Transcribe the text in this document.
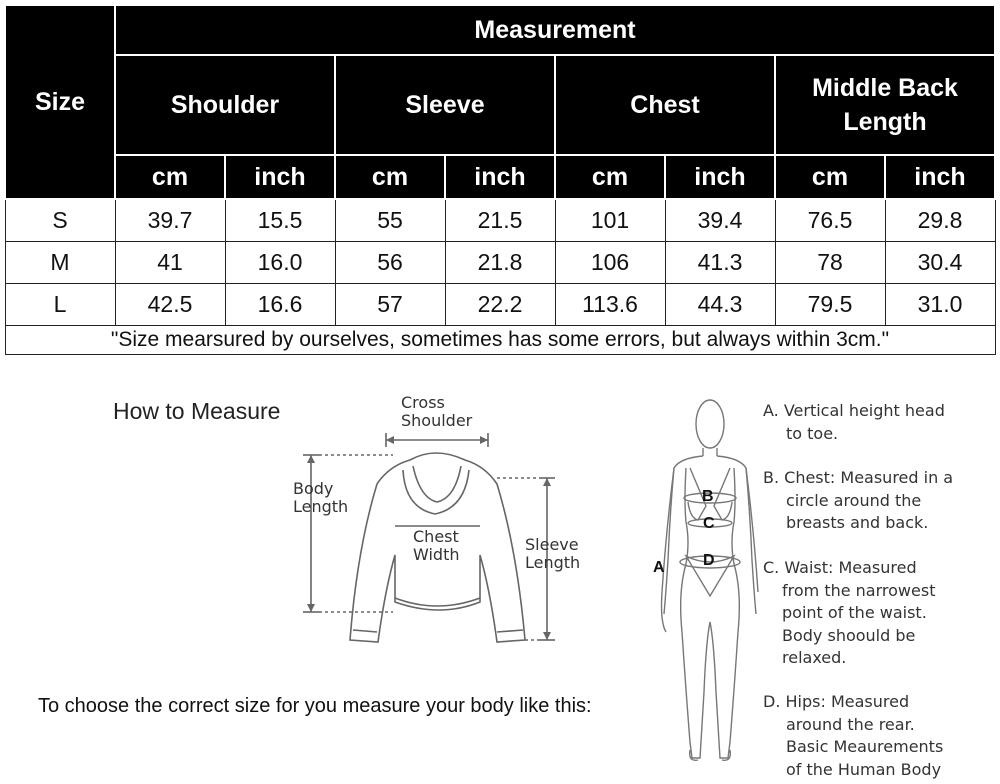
Size	Measurement							
	Shoulder		Sleeve		Chest		Middle Back Length	
	cm	inch	cm	inch	cm	inch	cm	inch
S	39.7	15.5	55	21.5	101	39.4	76.5	29.8
M	41	16.0	56	21.8	106	41.3	78	30.4
L	42.5	16.6	57	22.2	113.6	44.3	79.5	31.0
"Size mearsured by ourselves, sometimes has some errors, but always within 3cm."								
How to Measure
To choose the correct size for you measure your body like this:
Cross
Shoulder
Body
Length
Chest
Width
Sleeve
Length
B
C
D
A
A. Vertical height head
to toe.
B. Chest: Measured in a
circle around the
breasts and back.
C. Waist: Measured
from the narrowest
point of the waist.
Body shoould be
relaxed.
D. Hips: Measured
around the rear.
Basic Meaurements
of the Human Body
